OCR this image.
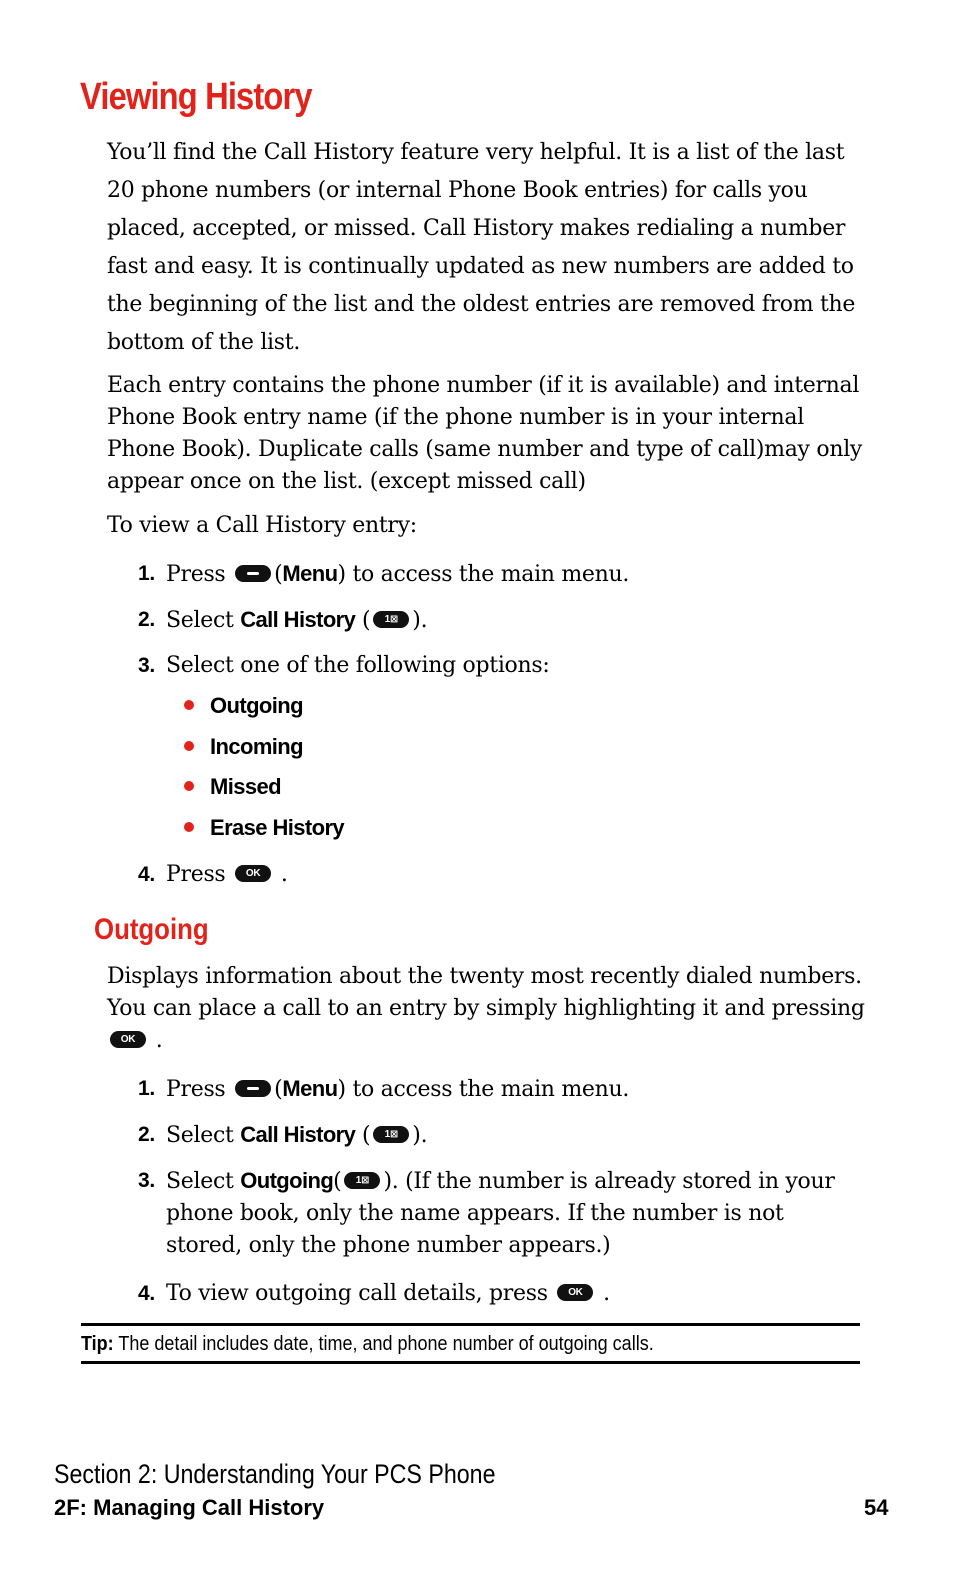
Viewing History

You’ll find the Call History feature very helpful. It is a list of the last 20 phone numbers (or internal Phone Book entries) for calls you placed, accepted, or missed. Call History makes redialing a number fast and easy. It is continually updated as new numbers are added to the beginning of the list and the oldest entries are removed from the bottom of the list.

Each entry contains the phone number (if it is available) and internal Phone Book entry name (if the phone number is in your internal Phone Book). Duplicate calls (same number and type of call)may only appear once on the list. (except missed call)

To view a Call History entry:

1. Press (Menu) to access the main menu.
2. Select Call History ( 1⊠ ).
3. Select one of the following options:
Outgoing
Incoming
Missed
Erase History
4. Press OK .
Outgoing

Displays information about the twenty most recently dialed numbers. You can place a call to an entry by simply highlighting it and pressing OK .

1. Press (Menu) to access the main menu.
2. Select Call History ( 1⊠ ).
3. Select Outgoing( 1⊠ ). (If the number is already stored in your phone book, only the name appears. If the number is not stored, only the phone number appears.)
4. To view outgoing call details, press OK .
Tip: The detail includes date, time, and phone number of outgoing calls.
Section 2: Understanding Your PCS Phone
2F: Managing Call History	54
